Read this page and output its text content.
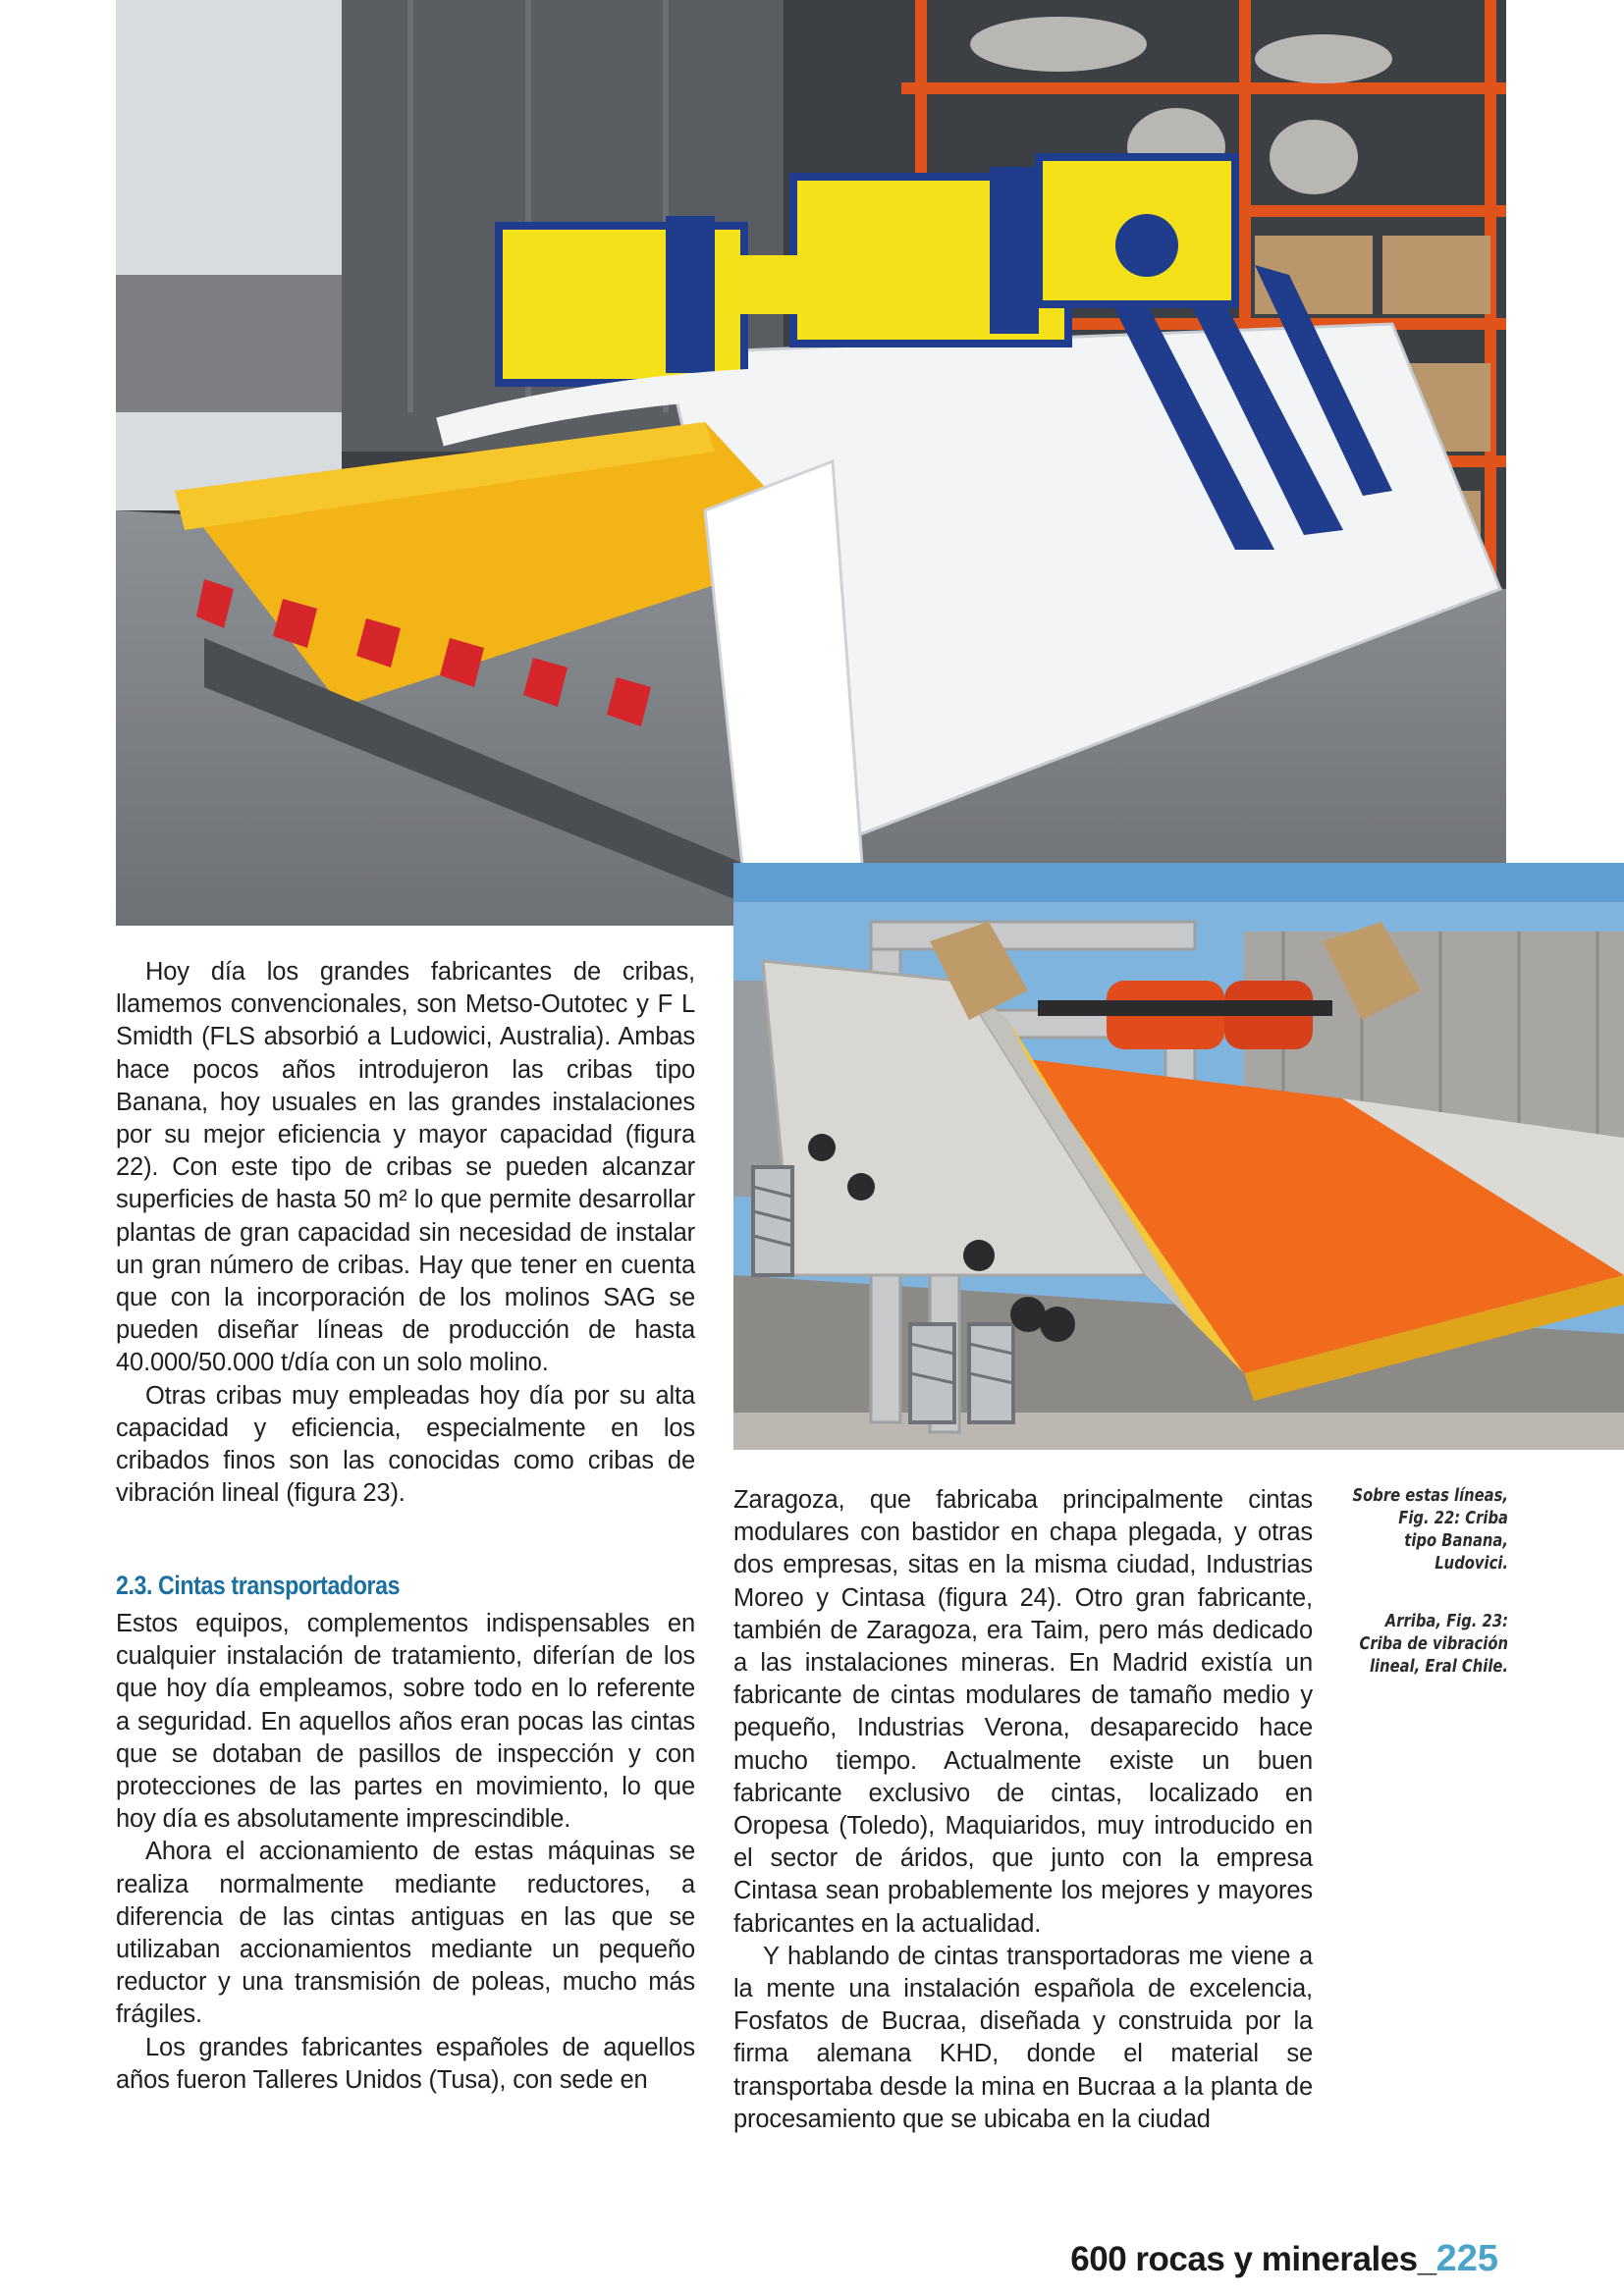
Hoy día los grandes fabricantes de cribas, llamemos convencionales, son Metso-Outotec y F L Smidth (FLS absorbió a Ludowici, Australia). Ambas hace pocos años introdujeron las cribas tipo Banana, hoy usuales en las grandes instalaciones por su mejor eficiencia y mayor capacidad (figura 22). Con este tipo de cribas se pueden alcanzar superficies de hasta 50 m² lo que permite desarrollar plantas de gran capacidad sin necesidad de instalar un gran número de cribas. Hay que tener en cuenta que con la incorporación de los molinos SAG se pueden diseñar líneas de producción de hasta 40.000/50.000 t/día con un solo molino.

Otras cribas muy empleadas hoy día por su alta capacidad y eficiencia, especialmente en los cribados finos son las conocidas como cribas de vibración lineal (figura 23).

2.3. Cintas transportadoras

Estos equipos, complementos indispensables en cualquier instalación de tratamiento, diferían de los que hoy día empleamos, sobre todo en lo referente a seguridad. En aquellos años eran pocas las cintas que se dotaban de pasillos de inspección y con protecciones de las partes en movimiento, lo que hoy día es absolutamente imprescindible.

Ahora el accionamiento de estas máquinas se realiza normalmente mediante reductores, a diferencia de las cintas antiguas en las que se utilizaban accionamientos mediante un pequeño reductor y una transmisión de poleas, mucho más frágiles.

Los grandes fabricantes españoles de aquellos años fueron Talleres Unidos (Tusa), con sede en

Zaragoza, que fabricaba principalmente cintas modulares con bastidor en chapa plegada, y otras dos empresas, sitas en la misma ciudad, Industrias Moreo y Cintasa (figura 24). Otro gran fabricante, también de Zaragoza, era Taim, pero más dedicado a las instalaciones mineras. En Madrid existía un fabricante de cintas modulares de tamaño medio y pequeño, Industrias Verona, desaparecido hace mucho tiempo. Actualmente existe un buen fabricante exclusivo de cintas, localizado en Oropesa (Toledo), Maquiaridos, muy introducido en el sector de áridos, que junto con la empresa Cintasa sean probablemente los mejores y mayores fabricantes en la actualidad.

Y hablando de cintas transportadoras me viene a la mente una instalación española de excelencia, Fosfatos de Bucraa, diseñada y construida por la firma alemana KHD, donde el material se transportaba desde la mina en Bucraa a la planta de procesamiento que se ubicaba en la ciudad

Sobre estas líneas,
Fig. 22: Criba
tipo Banana,
Ludovici.
Arriba, Fig. 23:
Criba de vibración
lineal, Eral Chile.
600 rocas y minerales_225
